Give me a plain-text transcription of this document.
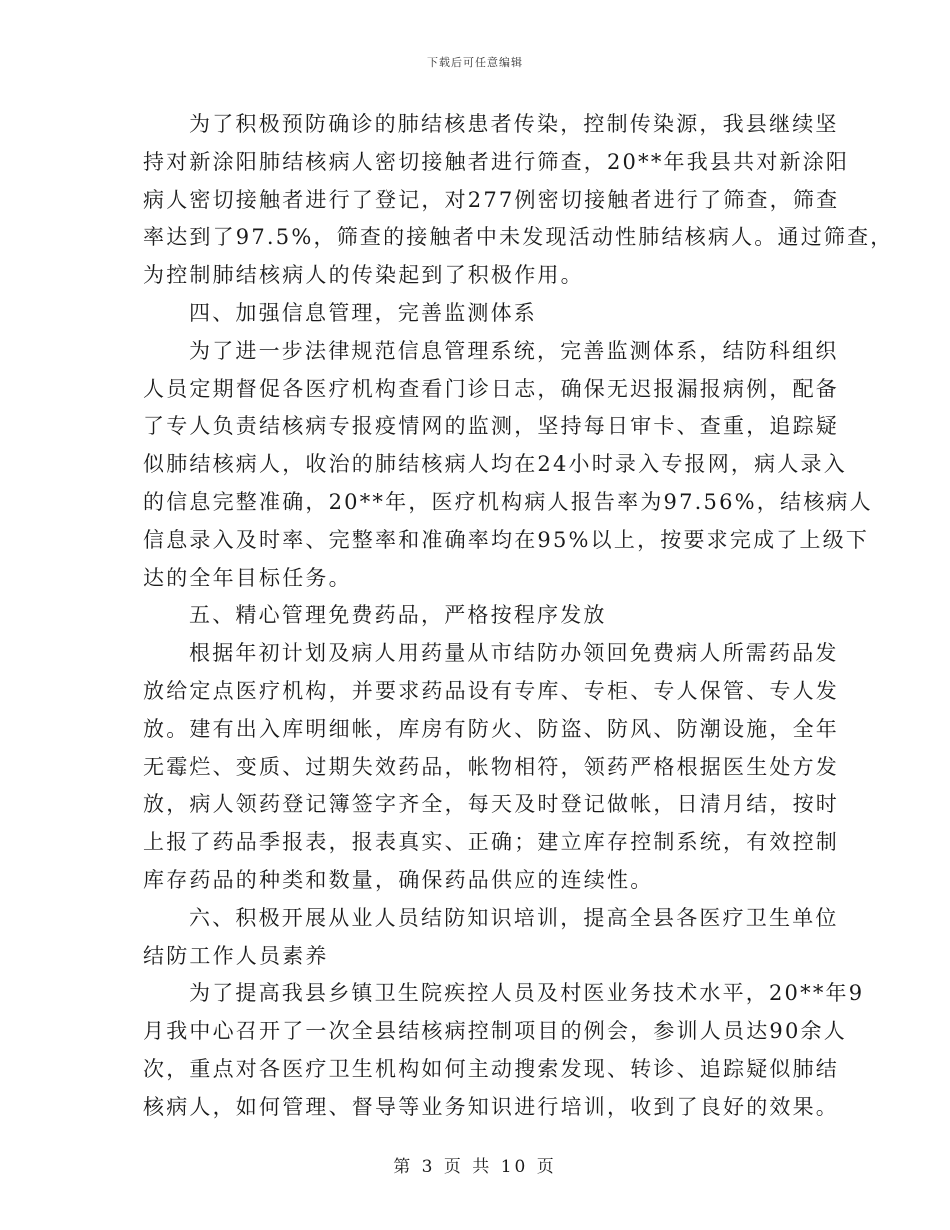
下载后可任意编辑
为了积极预防确诊的肺结核患者传染，控制传染源，我县继续坚
持对新涂阳肺结核病人密切接触者进行筛查，20**年我县共对新涂阳
病人密切接触者进行了登记，对277例密切接触者进行了筛查，筛查
率达到了97.5%，筛查的接触者中未发现活动性肺结核病人。通过筛查，
为控制肺结核病人的传染起到了积极作用。
四、加强信息管理，完善监测体系
为了进一步法律规范信息管理系统，完善监测体系，结防科组织
人员定期督促各医疗机构查看门诊日志，确保无迟报漏报病例，配备
了专人负责结核病专报疫情网的监测，坚持每日审卡、查重，追踪疑
似肺结核病人，收治的肺结核病人均在24小时录入专报网，病人录入
的信息完整准确，20**年，医疗机构病人报告率为97.56%，结核病人
信息录入及时率、完整率和准确率均在95%以上，按要求完成了上级下
达的全年目标任务。
五、精心管理免费药品，严格按程序发放
根据年初计划及病人用药量从市结防办领回免费病人所需药品发
放给定点医疗机构，并要求药品设有专库、专柜、专人保管、专人发
放。建有出入库明细帐，库房有防火、防盗、防风、防潮设施，全年
无霉烂、变质、过期失效药品，帐物相符，领药严格根据医生处方发
放，病人领药登记簿签字齐全，每天及时登记做帐，日清月结，按时
上报了药品季报表，报表真实、正确；建立库存控制系统，有效控制
库存药品的种类和数量，确保药品供应的连续性。
六、积极开展从业人员结防知识培训，提高全县各医疗卫生单位
结防工作人员素养
为了提高我县乡镇卫生院疾控人员及村医业务技术水平，20**年9
月我中心召开了一次全县结核病控制项目的例会，参训人员达90余人
次，重点对各医疗卫生机构如何主动搜索发现、转诊、追踪疑似肺结
核病人，如何管理、督导等业务知识进行培训，收到了良好的效果。
第 3 页 共 10 页
